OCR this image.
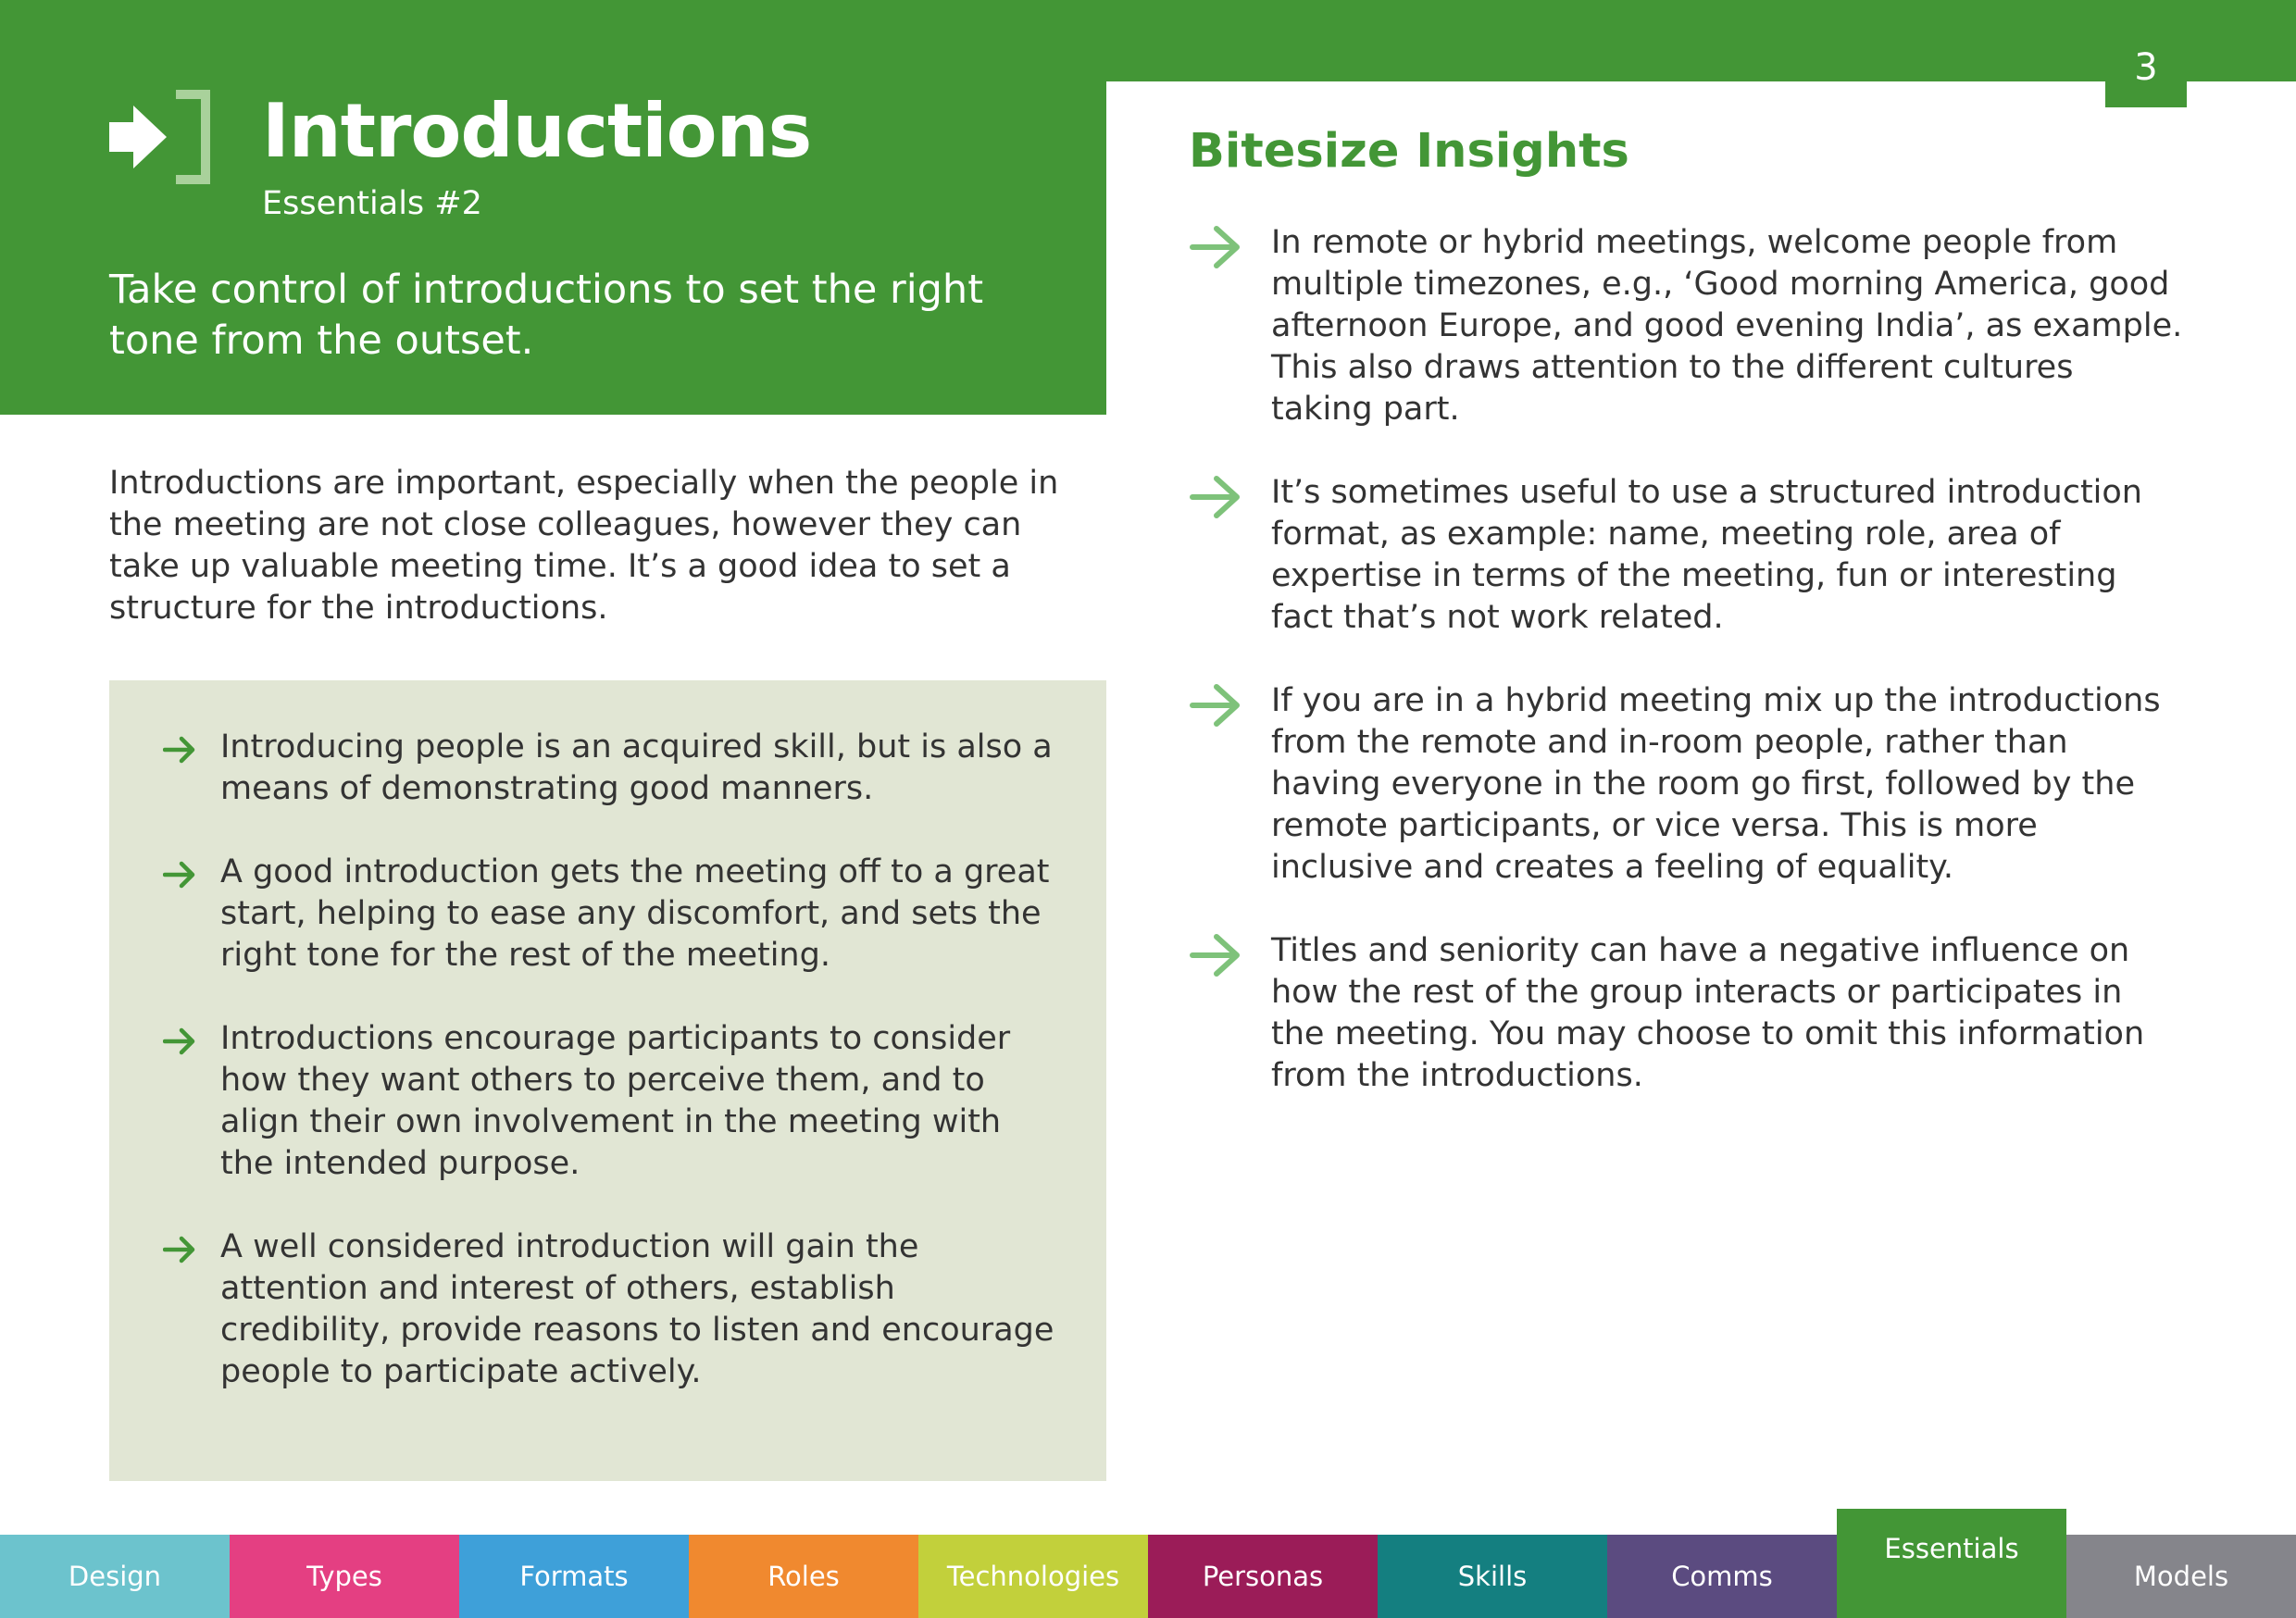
3
Introductions
Essentials #2

Take control of introductions to set the right tone from the outset.

Introductions are important, especially when the people in the meeting are not close colleagues, however they can take up valuable meeting time. It’s a good idea to set a structure for the introductions.

Introducing people is an acquired skill, but is also a means of demonstrating good manners.
A good introduction gets the meeting off to a great start, helping to ease any discomfort, and sets the right tone for the rest of the meeting.
Introductions encourage participants to consider how they want others to perceive them, and to align their own involvement in the meeting with the intended purpose.
A well considered introduction will gain the attention and interest of others, establish credibility, provide reasons to listen and encourage people to participate actively.
Bitesize Insights
In remote or hybrid meetings, welcome people from multiple timezones, e.g., ‘Good morning America, good afternoon Europe, and good evening India’, as example. This also draws attention to the different cultures taking part.
It’s sometimes useful to use a structured introduction format, as example: name, meeting role, area of expertise in terms of the meeting, fun or interesting fact that’s not work related.
If you are in a hybrid meeting mix up the introductions from the remote and in-room people, rather than having everyone in the room go first, followed by the remote participants, or vice versa. This is more inclusive and creates a feeling of equality.
Titles and seniority can have a negative influence on how the rest of the group interacts or participates in the meeting. You may choose to omit this information from the introductions.
Design	Types	Formats	Roles	Technologies	Personas	Skills	Comms
Essentials
Models
